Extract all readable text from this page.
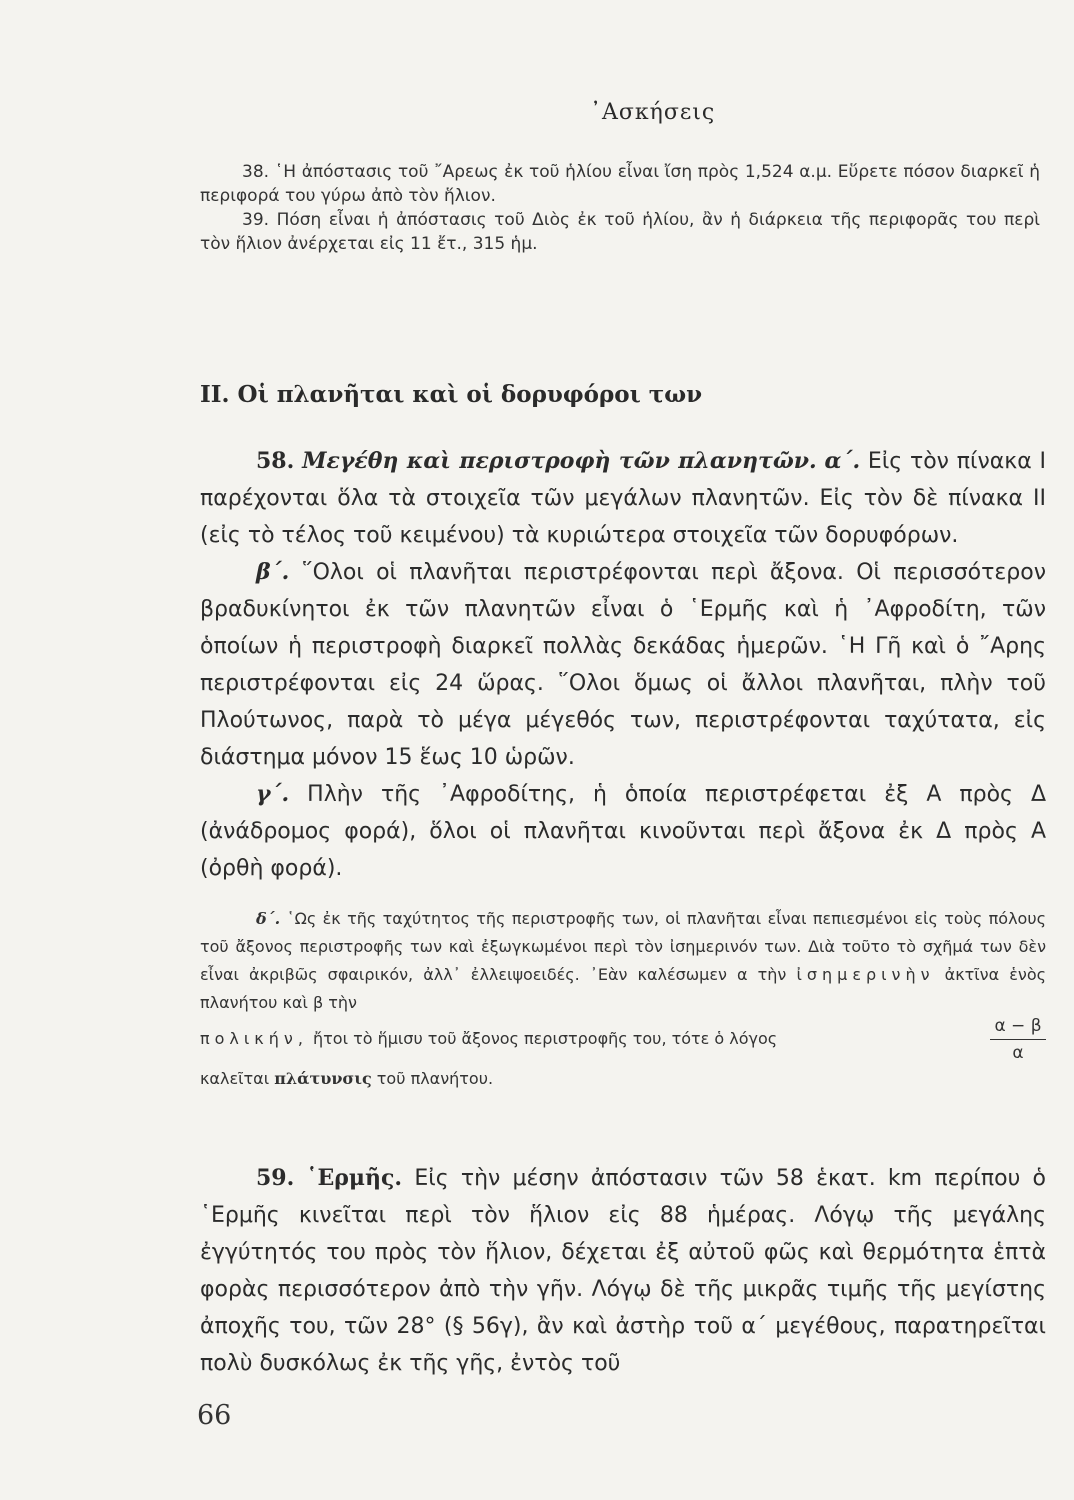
᾿Ασκήσεις

38. ῾Η ἀπόστασις τοῦ ῎Αρεως ἐκ τοῦ ἡλίου εἶναι ἴση πρὸς 1,524 α.μ. Εὕρετε πόσον διαρκεῖ ἡ περιφορά του γύρω ἀπὸ τὸν ἥλιον.

39. Πόση εἶναι ἡ ἀπόστασις τοῦ Διὸς ἐκ τοῦ ἡλίου, ἂν ἡ διάρκεια τῆς περιφορᾶς του περὶ τὸν ἥλιον ἀνέρχεται εἰς 11 ἔτ., 315 ἡμ.

II. Οἱ πλανῆται καὶ οἱ δορυφόροι των

58. Μεγέθη καὶ περιστροφὴ τῶν πλανητῶν. α΄. Εἰς τὸν πίνακα I παρέχονται ὅλα τὰ στοιχεῖα τῶν μεγάλων πλανητῶν. Εἰς τὸν δὲ πίνακα II (εἰς τὸ τέλος τοῦ κειμένου) τὰ κυριώτερα στοιχεῖα τῶν δορυφόρων.

β΄. ῞Ολοι οἱ πλανῆται περιστρέφονται περὶ ἄξονα. Οἱ περισσότερον βραδυκίνητοι ἐκ τῶν πλανητῶν εἶναι ὁ ῾Ερμῆς καὶ ἡ ᾿Αφροδίτη, τῶν ὁποίων ἡ περιστροφὴ διαρκεῖ πολλὰς δεκάδας ἡμερῶν. ῾Η Γῆ καὶ ὁ ῎Αρης περιστρέφονται εἰς 24 ὥρας. ῞Ολοι ὅμως οἱ ἄλλοι πλανῆται, πλὴν τοῦ Πλούτωνος, παρὰ τὸ μέγα μέγεθός των, περιστρέφονται ταχύτατα, εἰς διάστημα μόνον 15 ἕως 10 ὡρῶν.

γ΄. Πλὴν τῆς ᾿Αφροδίτης, ἡ ὁποία περιστρέφεται ἐξ Α πρὸς Δ (ἀνάδρομος φορά), ὅλοι οἱ πλανῆται κινοῦνται περὶ ἄξονα ἐκ Δ πρὸς Α (ὀρθὴ φορά).

δ΄. ῾Ως ἐκ τῆς ταχύτητος τῆς περιστροφῆς των, οἱ πλανῆται εἶναι πεπιεσμένοι εἰς τοὺς πόλους τοῦ ἄξονος περιστροφῆς των καὶ ἐξωγκωμένοι περὶ τὸν ἰσημερινόν των. Διὰ τοῦτο τὸ σχῆμά των δὲν εἶναι ἀκριβῶς σφαιρικόν, ἀλλ᾿ ἐλλειψοειδές. ᾿Εὰν καλέσωμεν α τὴν ἰσημερινὴν ἀκτῖνα ἑνὸς πλανήτου καὶ β τὴν

πολικήν, ἤτοι τὸ ἥμισυ τοῦ ἄξονος περιστροφῆς του, τότε ὁ λόγος	$\frac{\alpha - \beta}{\alpha}$
καλεῖται πλάτυνσις τοῦ πλανήτου.

59. ῾Ερμῆς. Εἰς τὴν μέσην ἀπόστασιν τῶν 58 ἑκατ. km περίπου ὁ ῾Ερμῆς κινεῖται περὶ τὸν ἥλιον εἰς 88 ἡμέρας. Λόγῳ τῆς μεγάλης ἐγγύτητός του πρὸς τὸν ἥλιον, δέχεται ἐξ αὐτοῦ φῶς καὶ θερμότητα ἑπτὰ φορὰς περισσότερον ἀπὸ τὴν γῆν. Λόγῳ δὲ τῆς μικρᾶς τιμῆς τῆς μεγίστης ἀποχῆς του, τῶν 28° (§ 56γ), ἂν καὶ ἀστὴρ τοῦ α΄ μεγέθους, παρατηρεῖται πολὺ δυσκόλως ἐκ τῆς γῆς, ἐντὸς τοῦ

66
